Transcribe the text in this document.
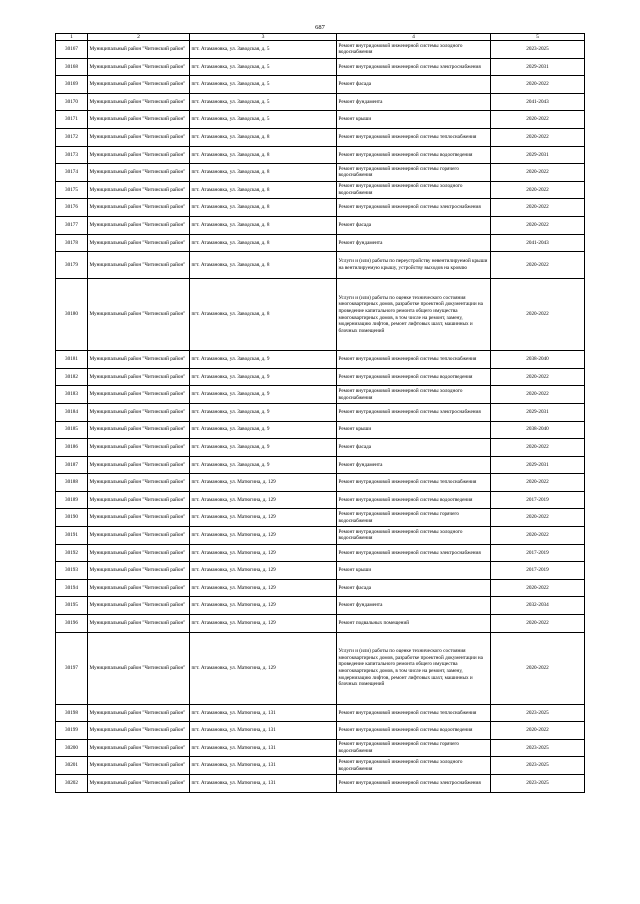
687
1	2	3	4	5
30167	Муниципальный район "Читинский район"	пгт. Атамановка, ул. Заводская, д. 5	Ремонт внутридомовой инженерной системы холодного водоснабжения	2023-2025
30168	Муниципальный район "Читинский район"	пгт. Атамановка, ул. Заводская, д. 5	Ремонт внутридомовой инженерной системы электроснабжения	2029-2031
30169	Муниципальный район "Читинский район"	пгт. Атамановка, ул. Заводская, д. 5	Ремонт фасада	2020-2022
30170	Муниципальный район "Читинский район"	пгт. Атамановка, ул. Заводская, д. 5	Ремонт фундамента	2041-2043
30171	Муниципальный район "Читинский район"	пгт. Атамановка, ул. Заводская, д. 5	Ремонт крыши	2020-2022
30172	Муниципальный район "Читинский район"	пгт. Атамановка, ул. Заводская, д. 8	Ремонт внутридомовой инженерной системы теплоснабжения	2020-2022
30173	Муниципальный район "Читинский район"	пгт. Атамановка, ул. Заводская, д. 8	Ремонт внутридомовой инженерной системы водоотведения	2029-2031
30174	Муниципальный район "Читинский район"	пгт. Атамановка, ул. Заводская, д. 8	Ремонт внутридомовой инженерной системы горячего водоснабжения	2020-2022
30175	Муниципальный район "Читинский район"	пгт. Атамановка, ул. Заводская, д. 8	Ремонт внутридомовой инженерной системы холодного водоснабжения	2020-2022
30176	Муниципальный район "Читинский район"	пгт. Атамановка, ул. Заводская, д. 8	Ремонт внутридомовой инженерной системы электроснабжения	2020-2022
30177	Муниципальный район "Читинский район"	пгт. Атамановка, ул. Заводская, д. 8	Ремонт фасада	2020-2022
30178	Муниципальный район "Читинский район"	пгт. Атамановка, ул. Заводская, д. 8	Ремонт фундамента	2041-2043
30179	Муниципальный район "Читинский район"	пгт. Атамановка, ул. Заводская, д. 8	Услуги и (или) работы по переустройству невентилируемой крыши на вентилируемую крышу, устройству выходов на кровлю	2020-2022
30180	Муниципальный район "Читинский район"	пгт. Атамановка, ул. Заводская, д. 8	Услуги и (или) работы по оценке технического состояния многоквартирных домов, разработке проектной документации на проведение капитального ремонта общего имущества многоквартирных домов, в том числе на ремонт, замену, модернизацию лифтов, ремонт лифтовых шахт, машинных и блочных помещений	2020-2022
30181	Муниципальный район "Читинский район"	пгт. Атамановка, ул. Заводская, д. 9	Ремонт внутридомовой инженерной системы теплоснабжения	2038-2040
30182	Муниципальный район "Читинский район"	пгт. Атамановка, ул. Заводская, д. 9	Ремонт внутридомовой инженерной системы водоотведения	2020-2022
30183	Муниципальный район "Читинский район"	пгт. Атамановка, ул. Заводская, д. 9	Ремонт внутридомовой инженерной системы холодного водоснабжения	2020-2022
30184	Муниципальный район "Читинский район"	пгт. Атамановка, ул. Заводская, д. 9	Ремонт внутридомовой инженерной системы электроснабжения	2029-2031
30185	Муниципальный район "Читинский район"	пгт. Атамановка, ул. Заводская, д. 9	Ремонт крыши	2038-2040
30186	Муниципальный район "Читинский район"	пгт. Атамановка, ул. Заводская, д. 9	Ремонт фасада	2020-2022
30187	Муниципальный район "Читинский район"	пгт. Атамановка, ул. Заводская, д. 9	Ремонт фундамента	2029-2031
30188	Муниципальный район "Читинский район"	пгт. Атамановка, ул. Матюгина, д. 129	Ремонт внутридомовой инженерной системы теплоснабжения	2020-2022
30189	Муниципальный район "Читинский район"	пгт. Атамановка, ул. Матюгина, д. 129	Ремонт внутридомовой инженерной системы водоотведения	2017-2019
30190	Муниципальный район "Читинский район"	пгт. Атамановка, ул. Матюгина, д. 129	Ремонт внутридомовой инженерной системы горячего водоснабжения	2020-2022
30191	Муниципальный район "Читинский район"	пгт. Атамановка, ул. Матюгина, д. 129	Ремонт внутридомовой инженерной системы холодного водоснабжения	2020-2022
30192	Муниципальный район "Читинский район"	пгт. Атамановка, ул. Матюгина, д. 129	Ремонт внутридомовой инженерной системы электроснабжения	2017-2019
30193	Муниципальный район "Читинский район"	пгт. Атамановка, ул. Матюгина, д. 129	Ремонт крыши	2017-2019
30194	Муниципальный район "Читинский район"	пгт. Атамановка, ул. Матюгина, д. 129	Ремонт фасада	2020-2022
30195	Муниципальный район "Читинский район"	пгт. Атамановка, ул. Матюгина, д. 129	Ремонт фундамента	2032-2034
30196	Муниципальный район "Читинский район"	пгт. Атамановка, ул. Матюгина, д. 129	Ремонт подвальных помещений	2020-2022
30197	Муниципальный район "Читинский район"	пгт. Атамановка, ул. Матюгина, д. 129	Услуги и (или) работы по оценке технического состояния многоквартирных домов, разработке проектной документации на проведение капитального ремонта общего имущества многоквартирных домов, в том числе на ремонт, замену, модернизацию лифтов, ремонт лифтовых шахт, машинных и блочных помещений	2020-2022
30198	Муниципальный район "Читинский район"	пгт. Атамановка, ул. Матюгина, д. 131	Ремонт внутридомовой инженерной системы теплоснабжения	2023-2025
30199	Муниципальный район "Читинский район"	пгт. Атамановка, ул. Матюгина, д. 131	Ремонт внутридомовой инженерной системы водоотведения	2020-2022
30200	Муниципальный район "Читинский район"	пгт. Атамановка, ул. Матюгина, д. 131	Ремонт внутридомовой инженерной системы горячего водоснабжения	2023-2025
30201	Муниципальный район "Читинский район"	пгт. Атамановка, ул. Матюгина, д. 131	Ремонт внутридомовой инженерной системы холодного водоснабжения	2023-2025
30202	Муниципальный район "Читинский район"	пгт. Атамановка, ул. Матюгина, д. 131	Ремонт внутридомовой инженерной системы электроснабжения	2023-2025
